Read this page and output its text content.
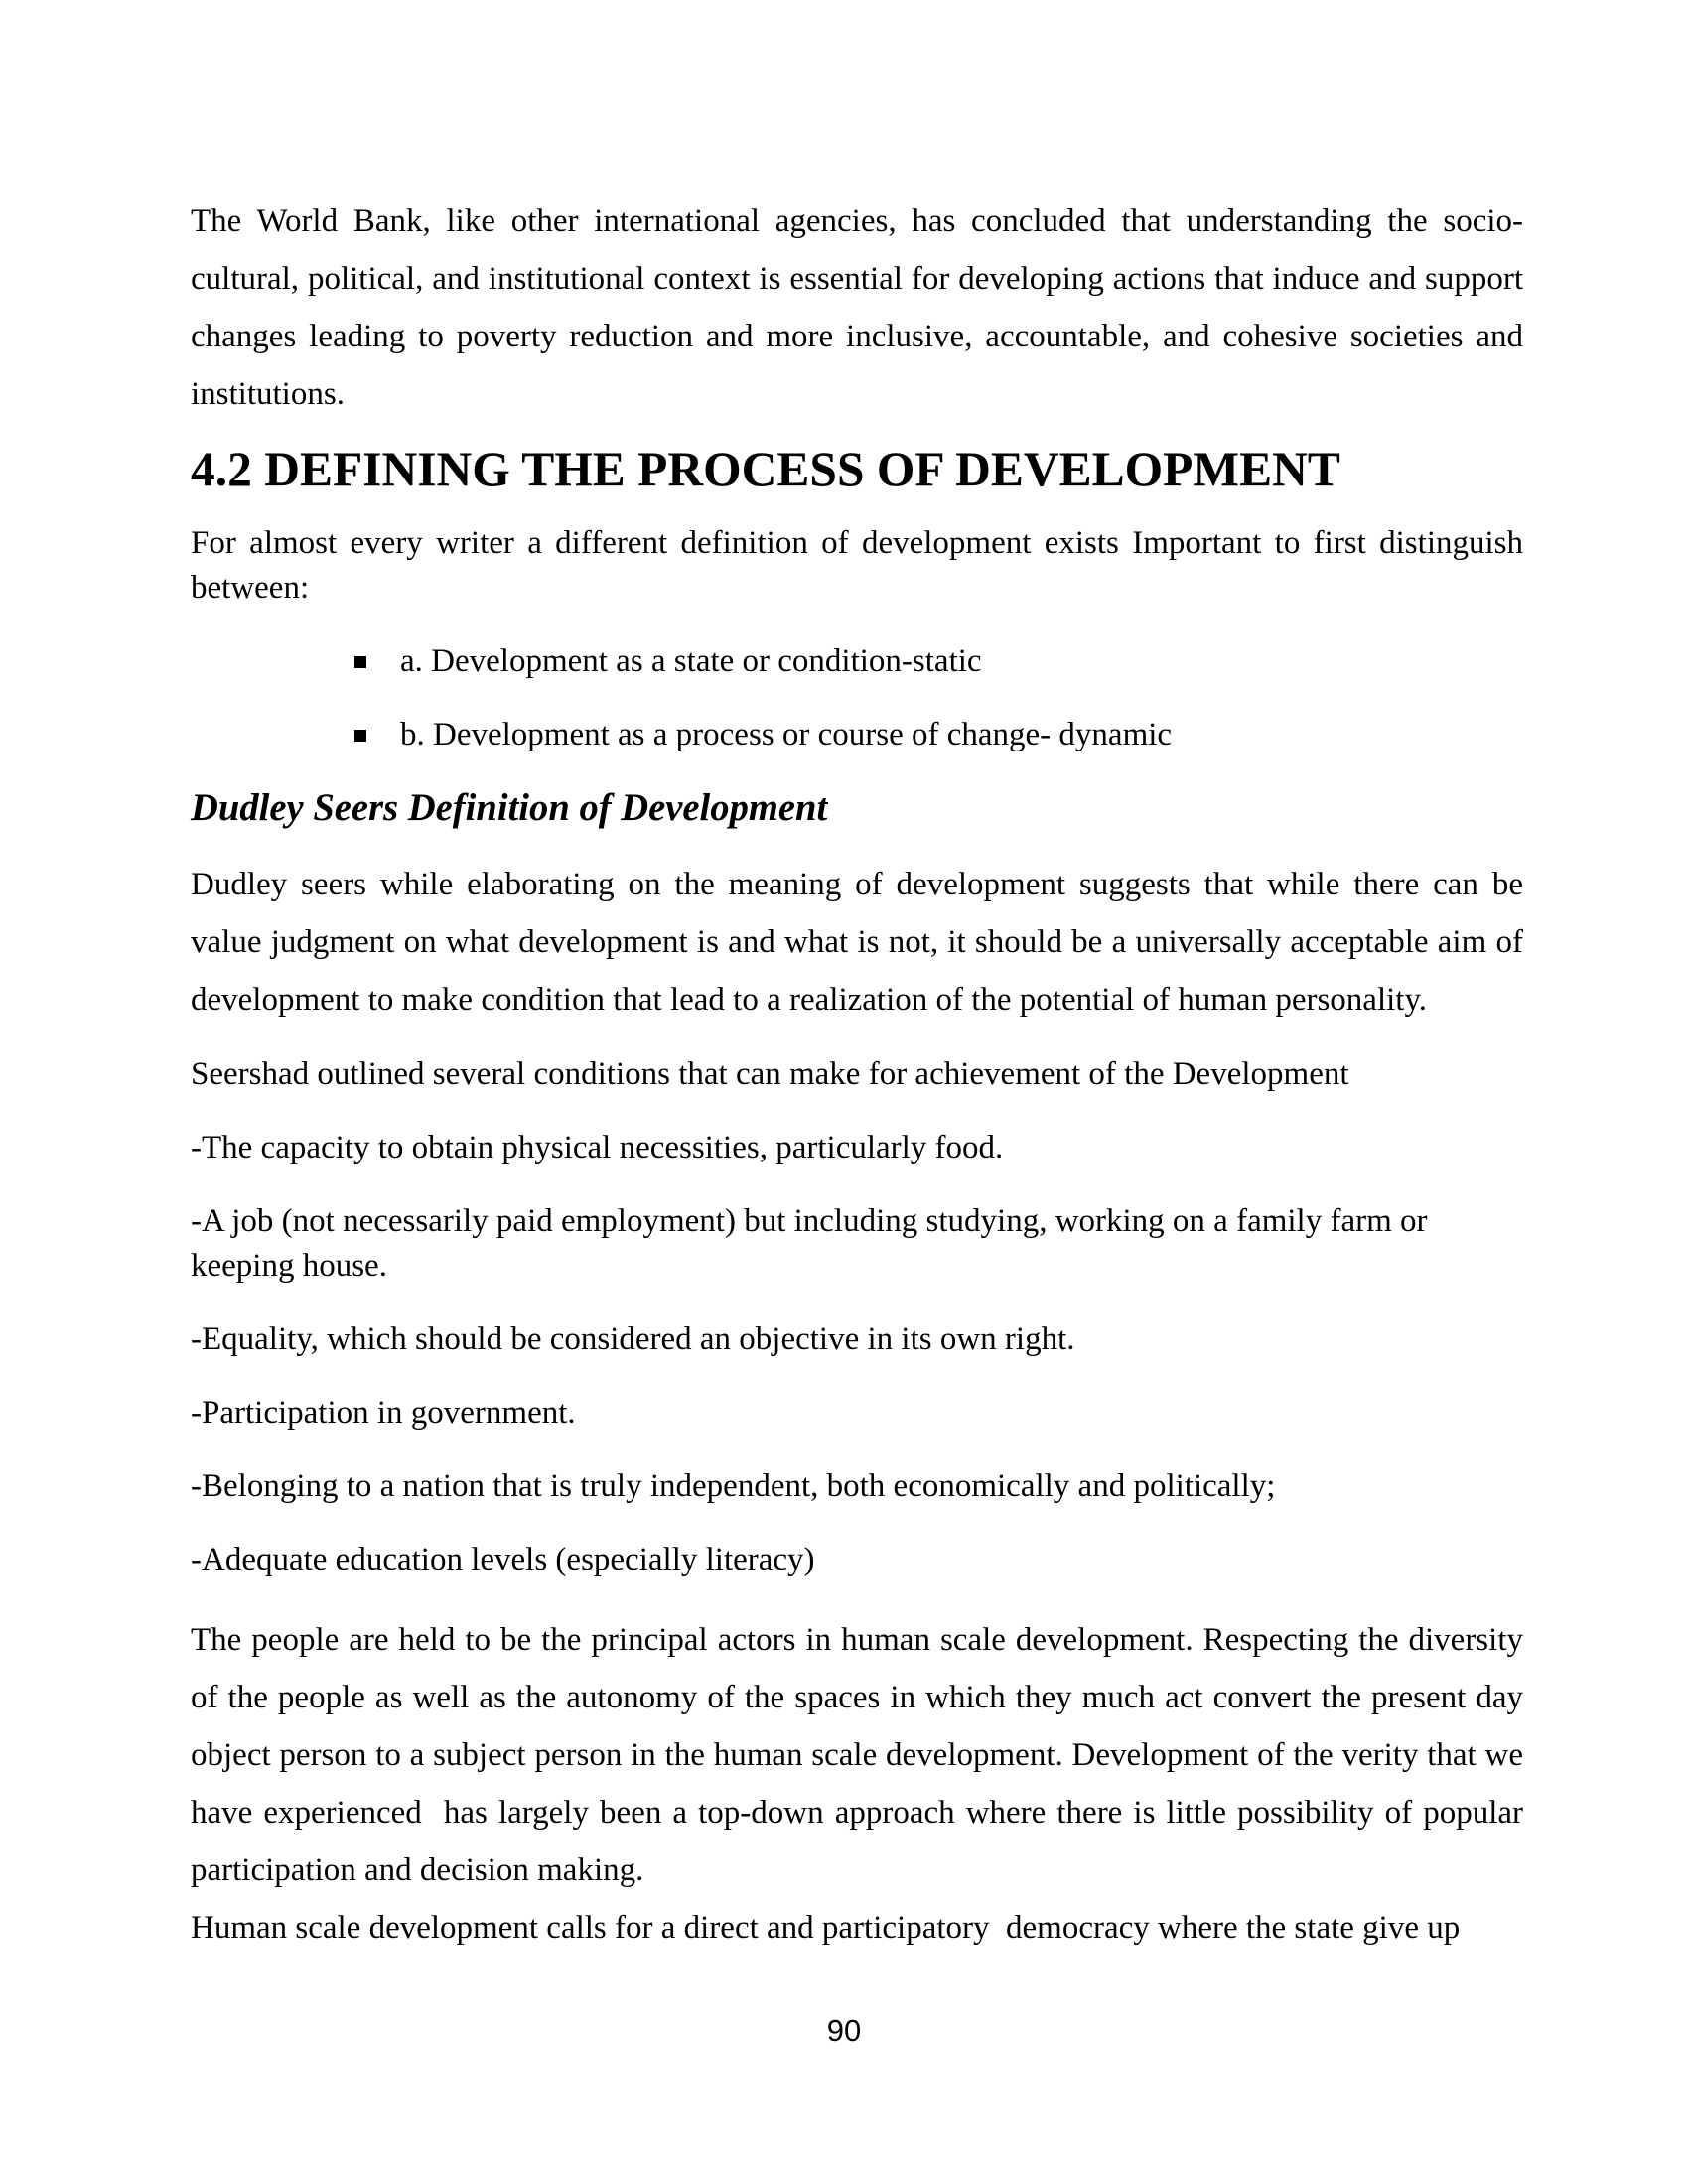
The World Bank, like other international agencies, has concluded that understanding the socio-cultural, political, and institutional context is essential for developing actions that induce and support changes leading to poverty reduction and more inclusive, accountable, and cohesive societies and institutions.

4.2 DEFINING THE PROCESS OF DEVELOPMENT

For almost every writer a different definition of development exists Important to first distinguish between:

a. Development as a state or condition-static
b. Development as a process or course of change- dynamic
Dudley Seers Definition of Development

Dudley seers while elaborating on the meaning of development suggests that while there can be value judgment on what development is and what is not, it should be a universally acceptable aim of development to make condition that lead to a realization of the potential of human personality.

Seershad outlined several conditions that can make for achievement of the Development

-The capacity to obtain physical necessities, particularly food.

-A job (not necessarily paid employment) but including studying, working on a family farm or keeping house.

-Equality, which should be considered an objective in its own right.

-Participation in government.

-Belonging to a nation that is truly independent, both economically and politically;

-Adequate education levels (especially literacy)

The people are held to be the principal actors in human scale development. Respecting the diversity of the people as well as the autonomy of the spaces in which they much act convert the present day object person to a subject person in the human scale development. Development of the verity that we have experienced  has largely been a top-down approach where there is little possibility of popular participation and decision making.

Human scale development calls for a direct and participatory  democracy where the state give up

90
